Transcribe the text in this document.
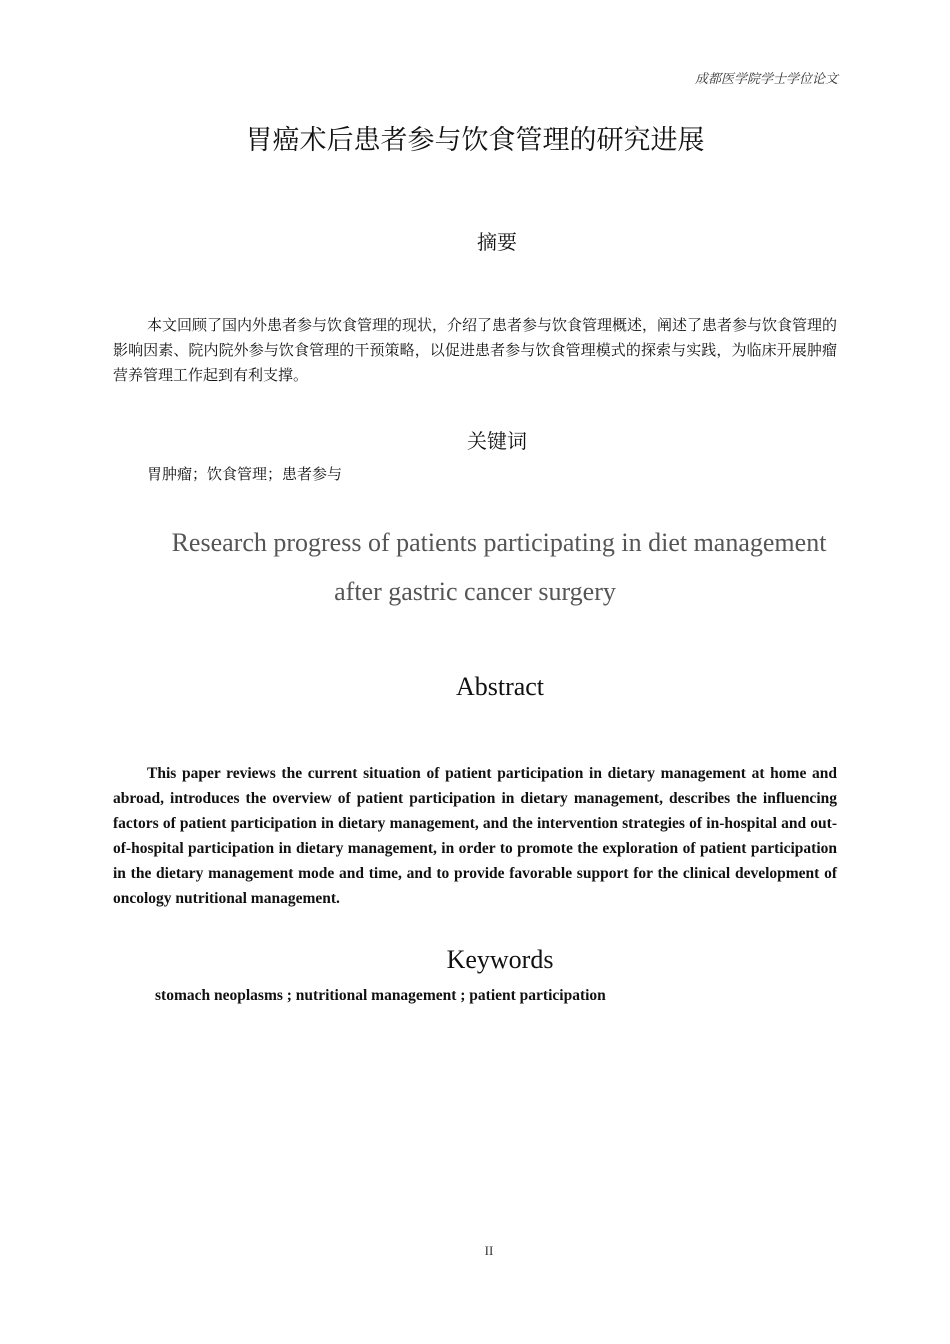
成都医学院学士学位论文
胃癌术后患者参与饮食管理的研究进展
摘要
本文回顾了国内外患者参与饮食管理的现状，介绍了患者参与饮食管理概述，阐述了患者参与饮食管理的影响因素、院内院外参与饮食管理的干预策略，以促进患者参与饮食管理模式的探索与实践，为临床开展肿瘤营养管理工作起到有利支撑。
关键词
胃肿瘤；饮食管理；患者参与
Research progress of patients participating in diet management
after gastric cancer surgery
Abstract
This paper reviews the current situation of patient participation in dietary management at home and abroad, introduces the overview of patient participation in dietary management, describes the influencing factors of patient participation in dietary management, and the intervention strategies of in-hospital and out-of-hospital participation in dietary management, in order to promote the exploration of patient participation in the dietary management mode and time, and to provide favorable support for the clinical development of oncology nutritional management.
Keywords
stomach neoplasms ; nutritional management ; patient participation
II
